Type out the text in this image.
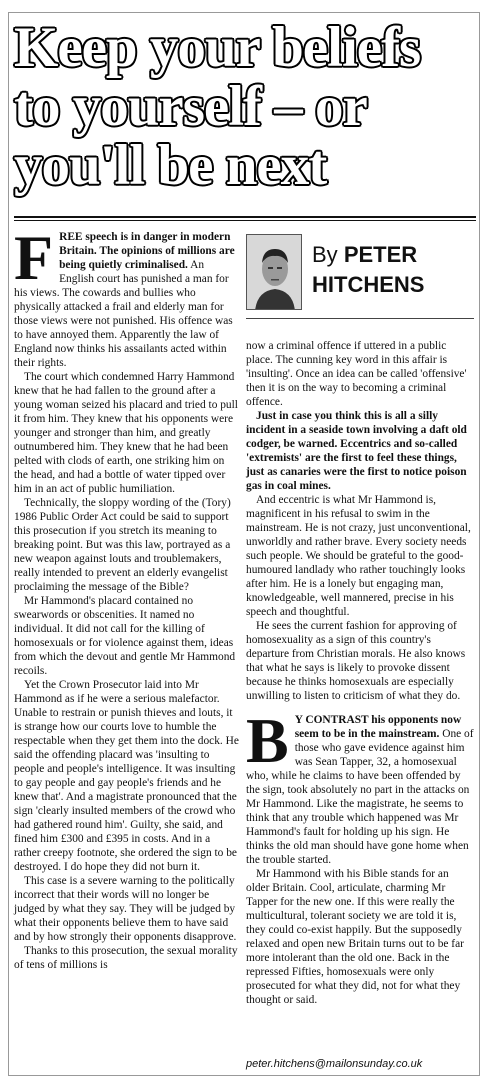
Keep your beliefs
to yourself – or
you'll be next

FREE speech is in danger in modern Britain. The opinions of millions are being quietly criminalised. An English court has punished a man for his views. The cowards and bullies who physically attacked a frail and elderly man for those views were not punished. His offence was to have annoyed them. Apparently the law of England now thinks his assailants acted within their rights.

The court which condemned Harry Hammond knew that he had fallen to the ground after a young woman seized his placard and tried to pull it from him. They knew that his opponents were younger and stronger than him, and greatly outnumbered him. They knew that he had been pelted with clods of earth, one striking him on the head, and had a bottle of water tipped over him in an act of public humiliation.

Technically, the sloppy wording of the (Tory) 1986 Public Order Act could be said to support this prosecution if you stretch its meaning to breaking point. But was this law, portrayed as a new weapon against louts and troublemakers, really intended to prevent an elderly evangelist proclaiming the message of the Bible?

Mr Hammond's placard contained no swearwords or obscenities. It named no individual. It did not call for the killing of homosexuals or for violence against them, ideas from which the devout and gentle Mr Hammond recoils.

Yet the Crown Prosecutor laid into Mr Hammond as if he were a serious malefactor. Unable to restrain or punish thieves and louts, it is strange how our courts love to humble the respectable when they get them into the dock. He said the offending placard was 'insulting to people and people's intelligence. It was insulting to gay people and gay people's friends and he knew that'. And a magistrate pronounced that the sign 'clearly insulted members of the crowd who had gathered round him'. Guilty, she said, and fined him £300 and £395 in costs. And in a rather creepy footnote, she ordered the sign to be destroyed. I do hope they did not burn it.

This case is a severe warning to the politically incorrect that their words will no longer be judged by what they say. They will be judged by what their opponents believe them to have said and by how strongly their opponents disapprove.

Thanks to this prosecution, the sexual morality of tens of millions is

By PETER
HITCHENS

now a criminal offence if uttered in a public place. The cunning key word in this affair is 'insulting'. Once an idea can be called 'offensive' then it is on the way to becoming a criminal offence.

Just in case you think this is all a silly incident in a seaside town involving a daft old codger, be warned. Eccentrics and so-called 'extremists' are the first to feel these things, just as canaries were the first to notice poison gas in coal mines.

And eccentric is what Mr Hammond is, magnificent in his refusal to swim in the mainstream. He is not crazy, just unconventional, unworldly and rather brave. Every society needs such people. We should be grateful to the good-humoured landlady who rather touchingly looks after him. He is a lonely but engaging man, knowledgeable, well mannered, precise in his speech and thoughtful.

He sees the current fashion for approving of homosexuality as a sign of this country's departure from Christian morals. He also knows that what he says is likely to provoke dissent because he thinks homosexuals are especially unwilling to listen to criticism of what they do.

B Y CONTRAST his opponents now seem to be in the mainstream. One of those who gave evidence against him was Sean Tapper, 32, a homosexual who, while he claims to have been offended by the sign, took absolutely no part in the attacks on Mr Hammond. Like the magistrate, he seems to think that any trouble which happened was Mr Hammond's fault for holding up his sign. He thinks the old man should have gone home when the trouble started.

Mr Hammond with his Bible stands for an older Britain. Cool, articulate, charming Mr Tapper for the new one. If this were really the multicultural, tolerant society we are told it is, they could co-exist happily. But the supposedly relaxed and open new Britain turns out to be far more intolerant than the old one. Back in the repressed Fifties, homosexuals were only prosecuted for what they did, not for what they thought or said.

peter.hitchens@mailonsunday.co.uk
